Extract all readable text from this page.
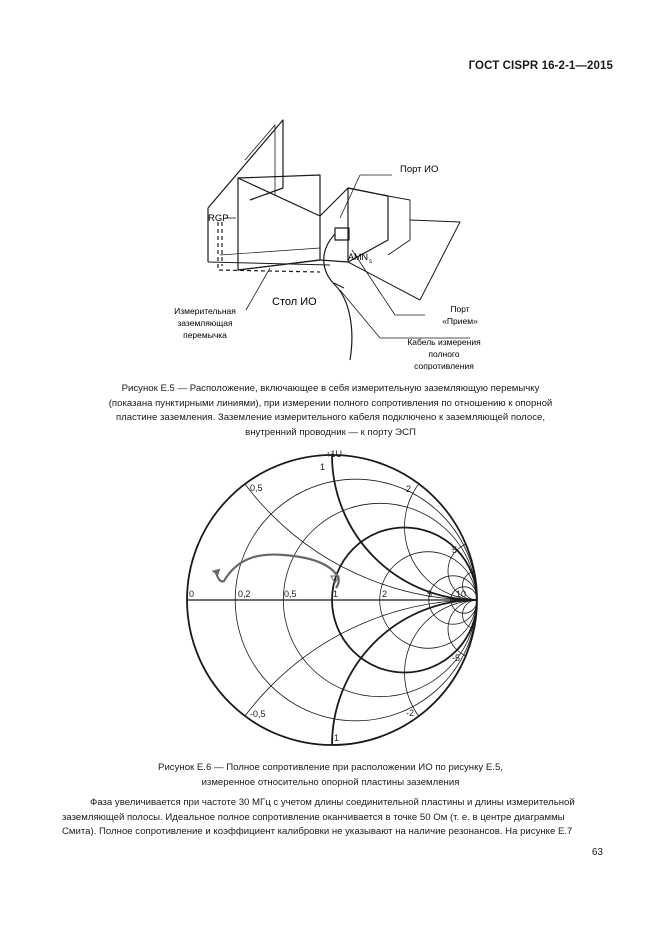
ГОСТ CISPR 16-2-1—2015
Порт ИО
RGP
AMN s
Стол ИО
Измерительная
заземляющая
перемычка
Порт
«Прием»
Кабель измерения
полного
сопротивления
Рисунок Е.5 — Расположение, включающее в себя измерительную заземляющую перемычку
(показана пунктирными линиями), при измерении полного сопротивления по отношению к опорной
пластине заземления. Заземление измерительного кабеля подключено к заземляющей полосе,
внутренний проводник — к порту ЭСП
↑1U
1
0	0,2	0,5	1	2	5	10
0,5	2
5
-0,5	-2
-5
-1
Рисунок Е.6 — Полное сопротивление при расположении ИО по рисунку Е.5,
измеренное относительно опорной пластины заземления
Фаза увеличивается при частоте 30 МГц с учетом длины соединительной пластины и длины измерительной
заземляющей полосы. Идеальное полное сопротивление оканчивается в точке 50 Ом (т. е. в центре диаграммы
Смита). Полное сопротивление и коэффициент калибровки не указывают на наличие резонансов. На рисунке Е.7
63
